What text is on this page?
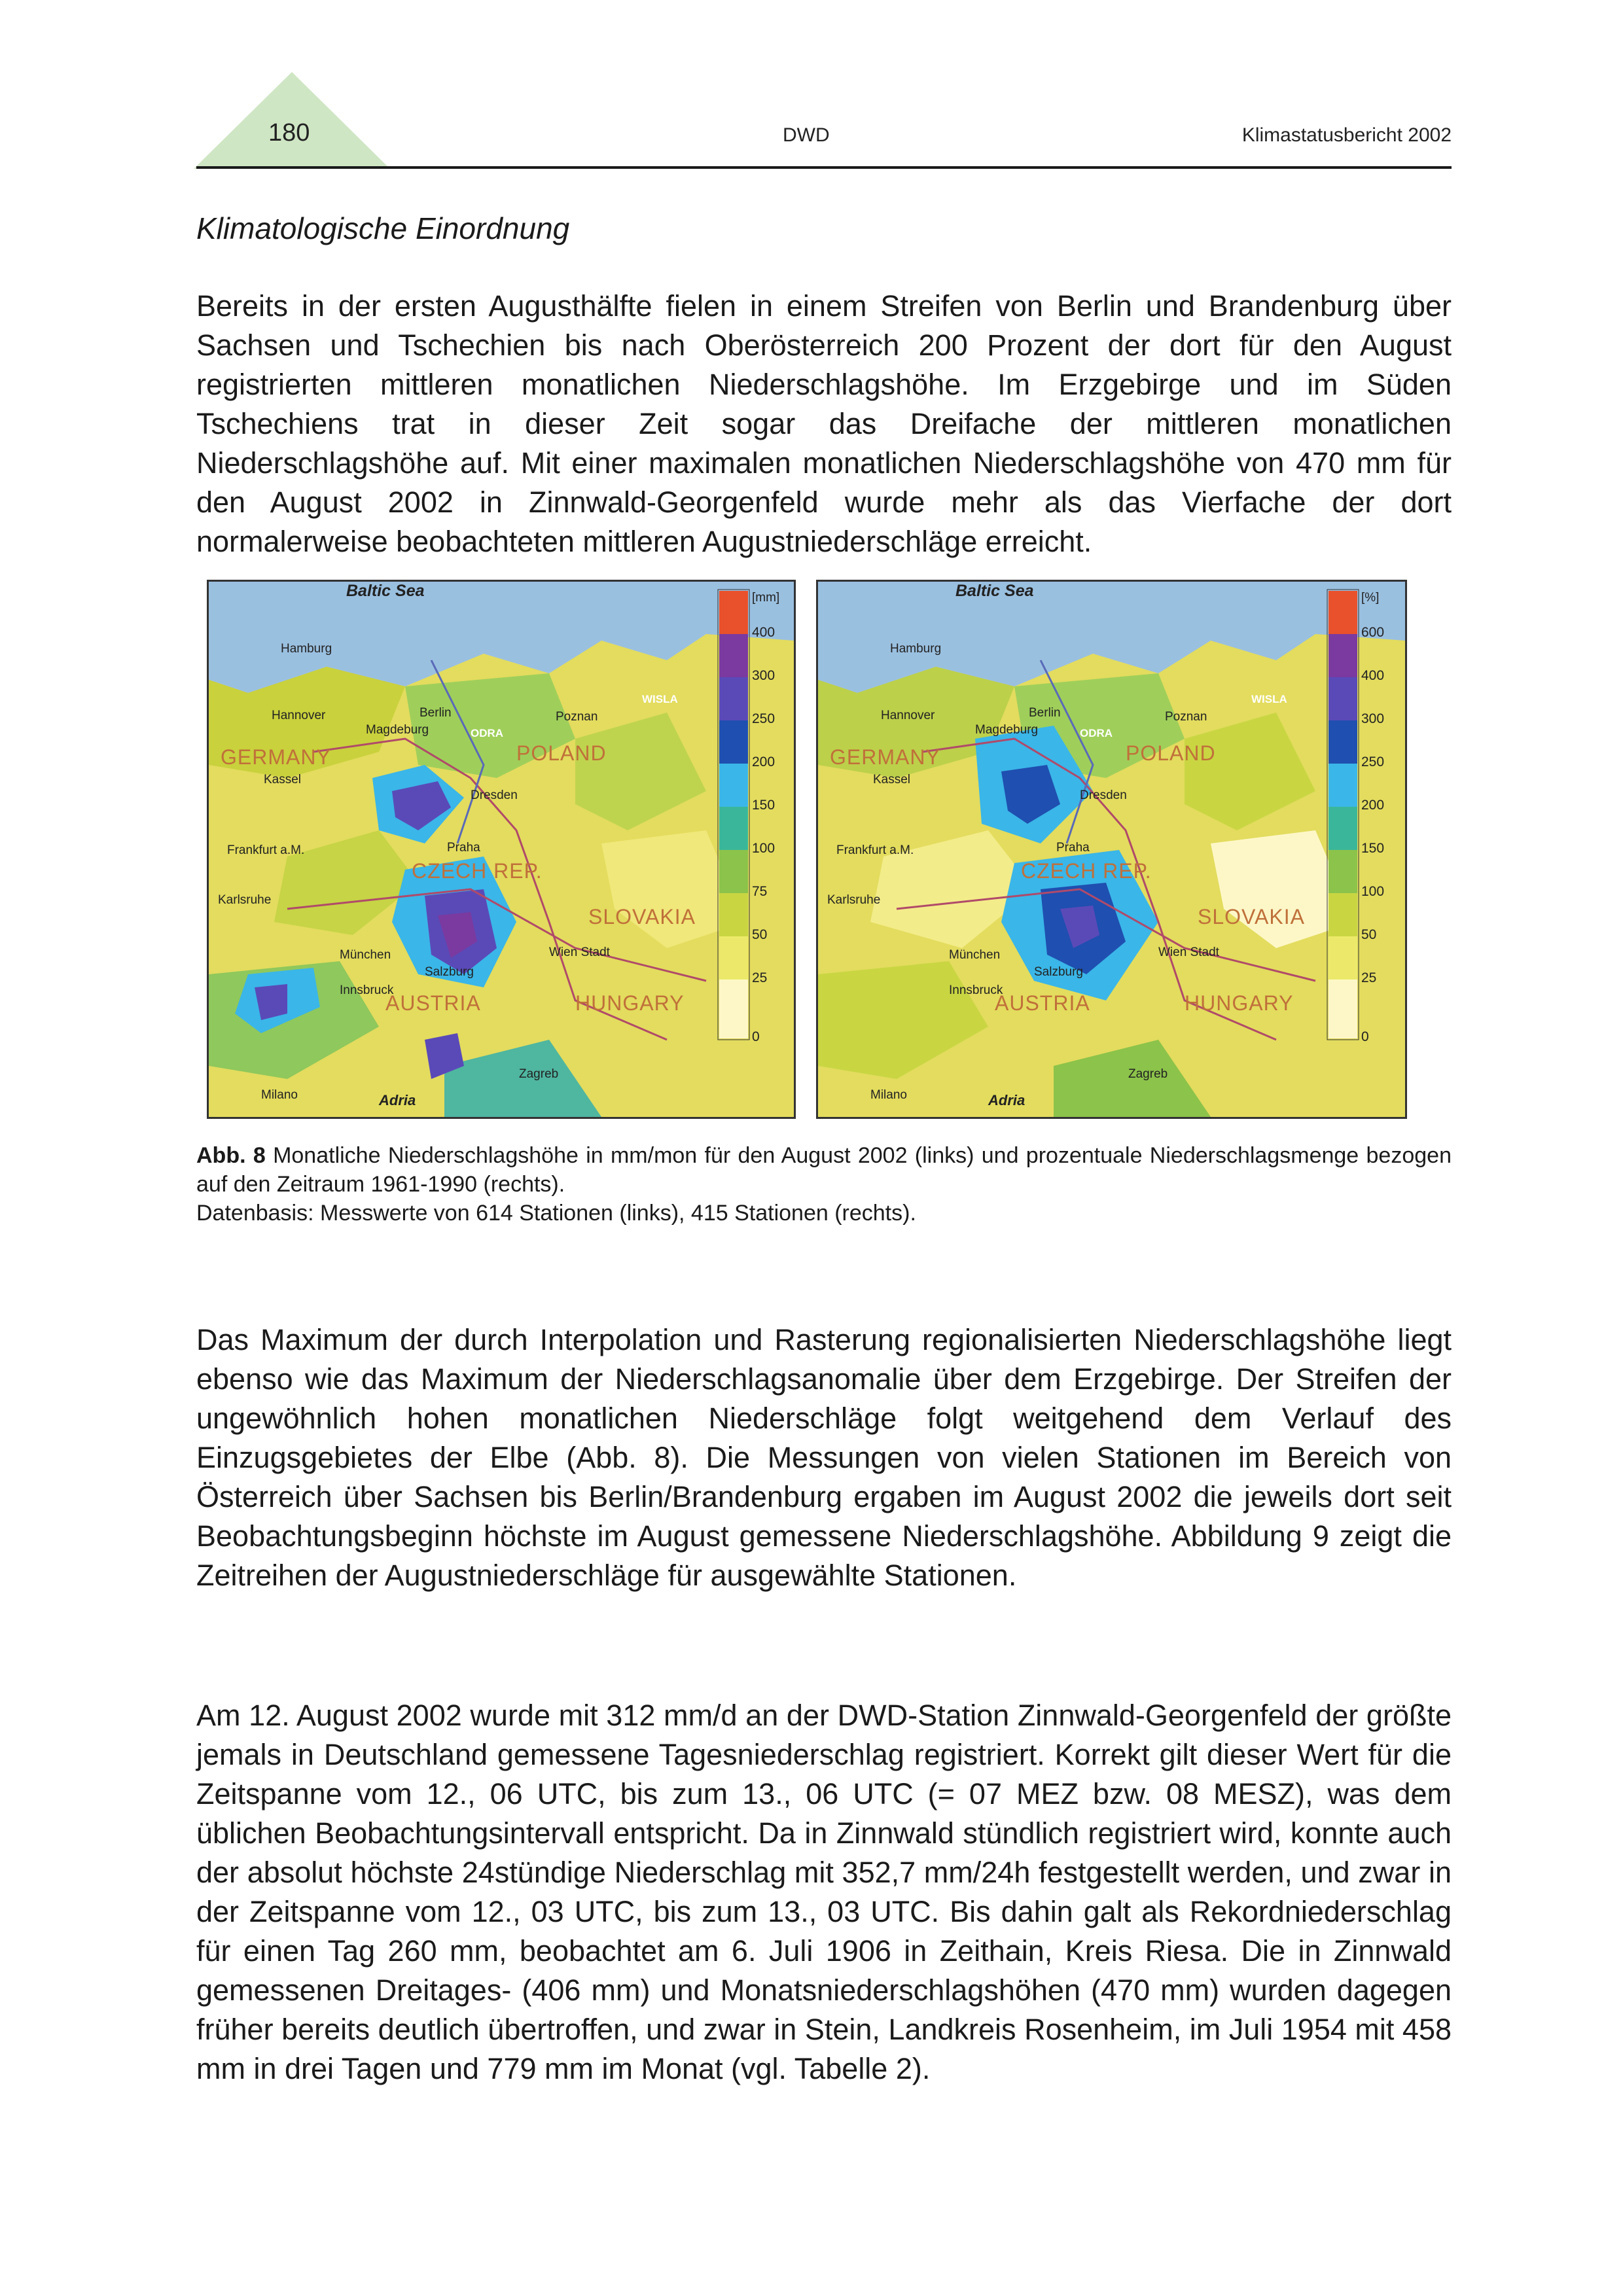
180	DWD	Klimastatusbericht 2002
Klimatologische Einordnung

Bereits in der ersten Augusthälfte fielen in einem Streifen von Berlin und Brandenburg über Sachsen und Tschechien bis nach Oberösterreich 200 Prozent der dort für den August registrierten mittleren monatlichen Niederschlagshöhe. Im Erzgebirge und im Süden Tschechiens trat in dieser Zeit sogar das Dreifache der mittleren monatlichen Niederschlagshöhe auf. Mit einer maximalen monatlichen Niederschlagshöhe von 470 mm für den August 2002 in Zinnwald-Georgenfeld wurde mehr als das Vierfache der dort normalerweise beobachteten mittleren Augustniederschläge erreicht.

[mm]
400
300
250
200
150
100
75
50
25
0
Baltic Sea
Adria
GERMANY	POLAND
CZECH REP.
SLOVAKIA
AUSTRIA	HUNGARY
Hamburg
Hannover	Berlin
Magdeburg
Poznan
Kassel
Dresden
Frankfurt a.M.	Praha
Karlsruhe
München
Salzburg
Wien Stadt
Innsbruck
Zagreb
Milano
ODRA
WISLA
[%]
600
400
300
250
200
150
100
50
25
0
Baltic Sea
Adria
GERMANY	POLAND
CZECH REP.
SLOVAKIA
AUSTRIA	HUNGARY
Hamburg
Hannover	Berlin
Magdeburg
Poznan
Kassel
Dresden
Frankfurt a.M.	Praha
Karlsruhe
München
Salzburg
Wien Stadt
Innsbruck
Zagreb
Milano
ODRA
WISLA
Abb. 8 Monatliche Niederschlagshöhe in mm/mon für den August 2002 (links) und prozentuale Niederschlagsmenge bezogen auf den Zeitraum 1961-1990 (rechts).
Datenbasis: Messwerte von 614 Stationen (links), 415 Stationen (rechts).

Das Maximum der durch Interpolation und Rasterung regionalisierten Niederschlagshöhe liegt ebenso wie das Maximum der Niederschlagsanomalie über dem Erzgebirge. Der Streifen der ungewöhnlich hohen monatlichen Niederschläge folgt weitgehend dem Verlauf des Einzugsgebietes der Elbe (Abb. 8). Die Messungen von vielen Stationen im Bereich von Österreich über Sachsen bis Berlin/Brandenburg ergaben im August 2002 die jeweils dort seit Beobachtungsbeginn höchste im August gemessene Niederschlagshöhe. Abbildung 9 zeigt die Zeitreihen der Augustniederschläge für ausgewählte Stationen.

Am 12. August 2002 wurde mit 312 mm/d an der DWD-Station Zinnwald-Georgenfeld der größte jemals in Deutschland gemessene Tagesniederschlag registriert. Korrekt gilt dieser Wert für die Zeitspanne vom 12., 06 UTC, bis zum 13., 06 UTC (= 07 MEZ bzw. 08 MESZ), was dem üblichen Beobachtungsintervall entspricht. Da in Zinnwald stündlich registriert wird, konnte auch der absolut höchste 24stündige Niederschlag mit 352,7 mm/24h festgestellt werden, und zwar in der Zeitspanne vom 12., 03 UTC, bis zum 13., 03 UTC. Bis dahin galt als Rekordniederschlag für einen Tag 260 mm, beobachtet am 6. Juli 1906 in Zeithain, Kreis Riesa. Die in Zinnwald gemessenen Dreitages- (406 mm) und Monatsniederschlagshöhen (470 mm) wurden dagegen früher bereits deutlich übertroffen, und zwar in Stein, Landkreis Rosenheim, im Juli 1954 mit 458 mm in drei Tagen und 779 mm im Monat (vgl. Tabelle 2).
